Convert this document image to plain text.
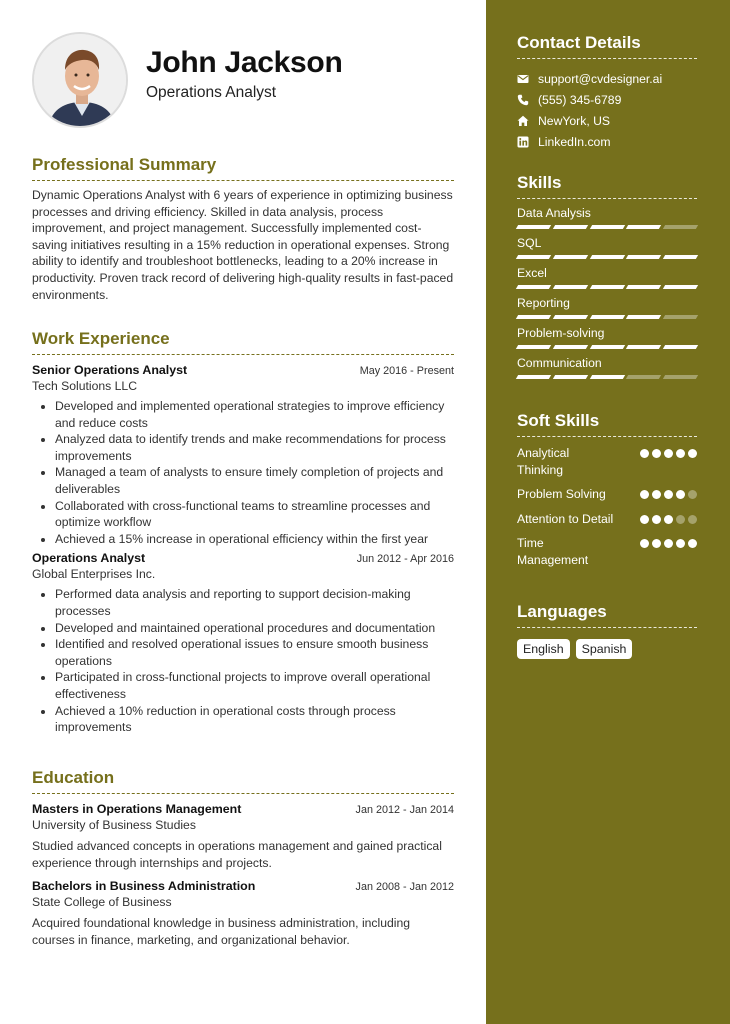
John Jackson
Operations Analyst
Professional Summary
Dynamic Operations Analyst with 6 years of experience in optimizing business processes and driving efficiency. Skilled in data analysis, process improvement, and project management. Successfully implemented cost-saving initiatives resulting in a 15% reduction in operational expenses. Strong ability to identify and troubleshoot bottlenecks, leading to a 20% increase in productivity. Proven track record of delivering high-quality results in fast-paced environments.
Work Experience
Senior Operations Analyst	May 2016 - Present
Tech Solutions LLC
• Developed and implemented operational strategies to improve efficiency and reduce costs
• Analyzed data to identify trends and make recommendations for process improvements
• Managed a team of analysts to ensure timely completion of projects and deliverables
• Collaborated with cross-functional teams to streamline processes and optimize workflow
• Achieved a 15% increase in operational efficiency within the first year
Operations Analyst	Jun 2012 - Apr 2016
Global Enterprises Inc.
• Performed data analysis and reporting to support decision-making processes
• Developed and maintained operational procedures and documentation
• Identified and resolved operational issues to ensure smooth business operations
• Participated in cross-functional projects to improve overall operational effectiveness
• Achieved a 10% reduction in operational costs through process improvements
Education
Masters in Operations Management	Jan 2012 - Jan 2014
University of Business Studies
Studied advanced concepts in operations management and gained practical experience through internships and projects.
Bachelors in Business Administration	Jan 2008 - Jan 2012
State College of Business
Acquired foundational knowledge in business administration, including courses in finance, marketing, and organizational behavior.
Contact Details
support@cvdesigner.ai
(555) 345-6789
NewYork, US
LinkedIn.com
Skills
Data Analysis
SQL
Excel
Reporting
Problem-solving
Communication
Soft Skills
Analytical Thinking
Problem Solving
Attention to Detail
Time Management
Languages
English	Spanish
